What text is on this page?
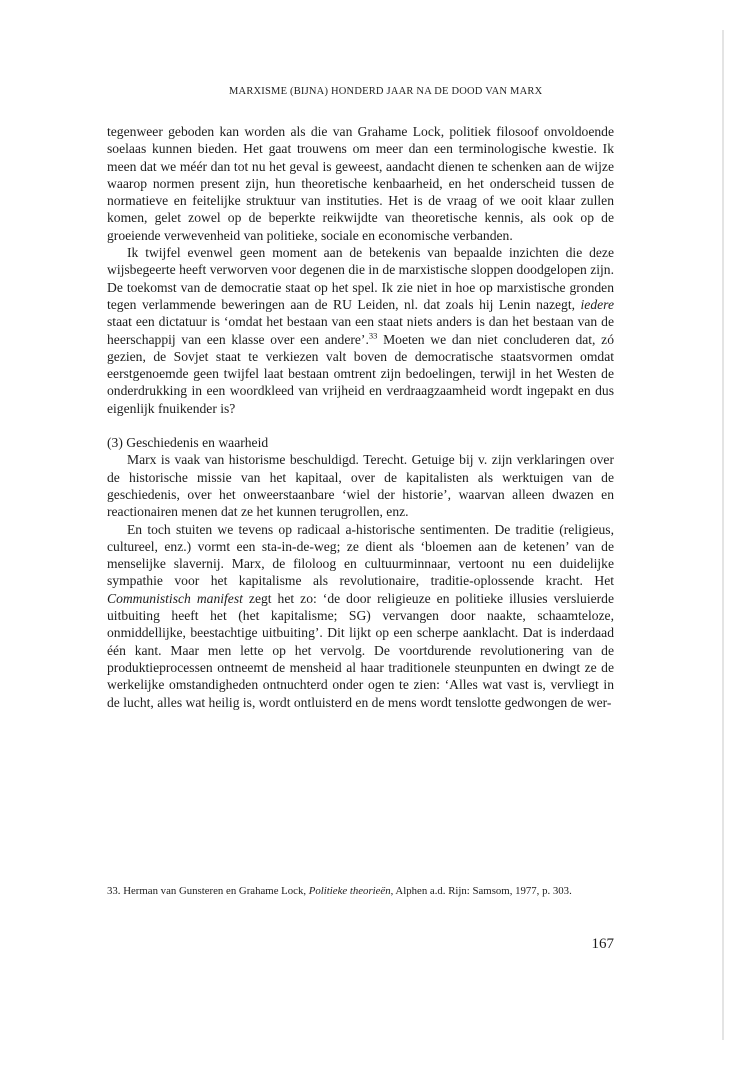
MARXISME (BIJNA) HONDERD JAAR NA DE DOOD VAN MARX

tegenweer geboden kan worden als die van Grahame Lock, politiek filosoof onvoldoende soelaas kunnen bieden. Het gaat trouwens om meer dan een terminologische kwestie. Ik meen dat we méér dan tot nu het geval is geweest, aandacht dienen te schenken aan de wijze waarop normen present zijn, hun theoretische kenbaarheid, en het onderscheid tussen de normatieve en feitelijke struktuur van instituties. Het is de vraag of we ooit klaar zullen komen, gelet zowel op de beperkte reikwijdte van theoretische kennis, als ook op de groeiende verwevenheid van politieke, sociale en economische verbanden.

Ik twijfel evenwel geen moment aan de betekenis van bepaalde inzichten die deze wijsbegeerte heeft verworven voor degenen die in de marxistische sloppen doodgelopen zijn. De toekomst van de democratie staat op het spel. Ik zie niet in hoe op marxistische gronden tegen verlammende beweringen aan de RU Leiden, nl. dat zoals hij Lenin nazegt, iedere staat een dictatuur is ‘omdat het bestaan van een staat niets anders is dan het bestaan van de heerschappij van een klasse over een andere’.$^{33}$ Moeten we dan niet concluderen dat, zó gezien, de Sovjet staat te verkiezen valt boven de democratische staatsvormen omdat eerstgenoemde geen twijfel laat bestaan omtrent zijn bedoelingen, terwijl in het Westen de onderdrukking in een woordkleed van vrijheid en verdraagzaamheid wordt ingepakt en dus eigenlijk fnuikender is?

(3) Geschiedenis en waarheid

Marx is vaak van historisme beschuldigd. Terecht. Getuige bij v. zijn verklaringen over de historische missie van het kapitaal, over de kapitalisten als werktuigen van de geschiedenis, over het onweerstaanbare ‘wiel der historie’, waarvan alleen dwazen en reactionairen menen dat ze het kunnen terugrollen, enz.

En toch stuiten we tevens op radicaal a-historische sentimenten. De traditie (religieus, cultureel, enz.) vormt een sta-in-de-weg; ze dient als ‘bloemen aan de ketenen’ van de menselijke slavernij. Marx, de filoloog en cultuurminnaar, vertoont nu een duidelijke sympathie voor het kapitalisme als revolutionaire, traditie-oplossende kracht. Het Communistisch manifest zegt het zo: ‘de door religieuze en politieke illusies versluierde uitbuiting heeft het (het kapitalisme; SG) vervangen door naakte, schaamteloze, onmiddellijke, beestachtige uitbuiting’. Dit lijkt op een scherpe aanklacht. Dat is inderdaad één kant. Maar men lette op het vervolg. De voortdurende revolutionering van de produktieprocessen ontneemt de mensheid al haar traditionele steunpunten en dwingt ze de werkelijke omstandigheden ontnuchterd onder ogen te zien: ‘Alles wat vast is, vervliegt in de lucht, alles wat heilig is, wordt ontluisterd en de mens wordt tenslotte gedwongen de wer-

33. Herman van Gunsteren en Grahame Lock, Politieke theorieën, Alphen a.d. Rijn: Samsom, 1977, p. 303.
167
